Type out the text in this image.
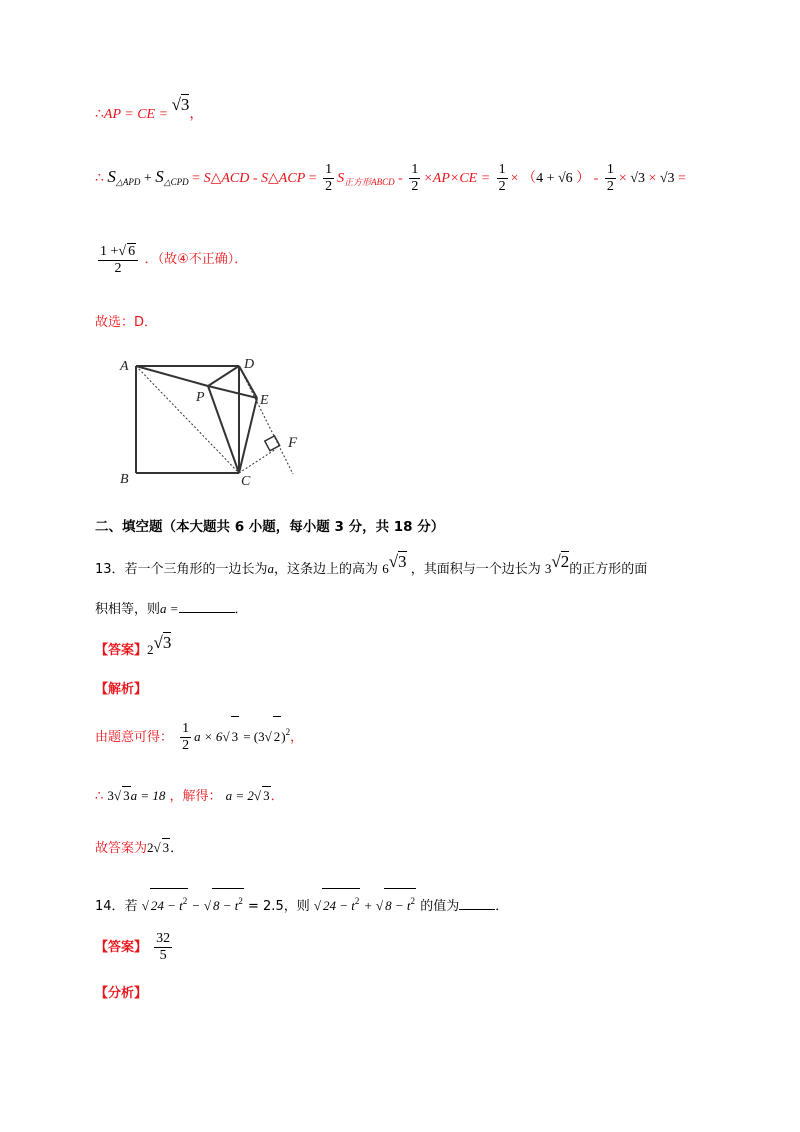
∴AP = CE = √3，
∴ $S_{\triangle APD} + S_{\triangle CPD}$ = S△ACD - S△ACP = $\frac{1}{2} S_{正方形ABCD} - \frac{1}{2} \times AP\times CE = \frac{1}{2} \times (4 + √6$ ） - $\frac{1}{2} \times √3 \times √3$ =
$\frac{1 +√ 6}{2}$ ．（故④不正确）．
故选：D．
A	D
P	E
F
B	C
二、填空题（本大题共 6 小题，每小题 3 分，共 18 分）
13．若一个三角形的一边长为a，这条边上的高为 6√3 ，其面积与一个边长为 3√2的正方形的面
积相等，则a =	．
【答案】2√3
【解析】
由题意可得： $\frac{1}{2}$ a × 6√ 3 = (3√ 2)$^2$，
∴ 3√ 3a = 18 ，解得： a = 2√ 3．
故答案为2√ 3．
14．若 √ $24 - t^2$ − √ $8 - t^2 = 2.5$，则 √ $24 - t^2$ + √ $8 - t^2$ 的值为	．
【答案】 $\frac{32}{5}$
【分析】
